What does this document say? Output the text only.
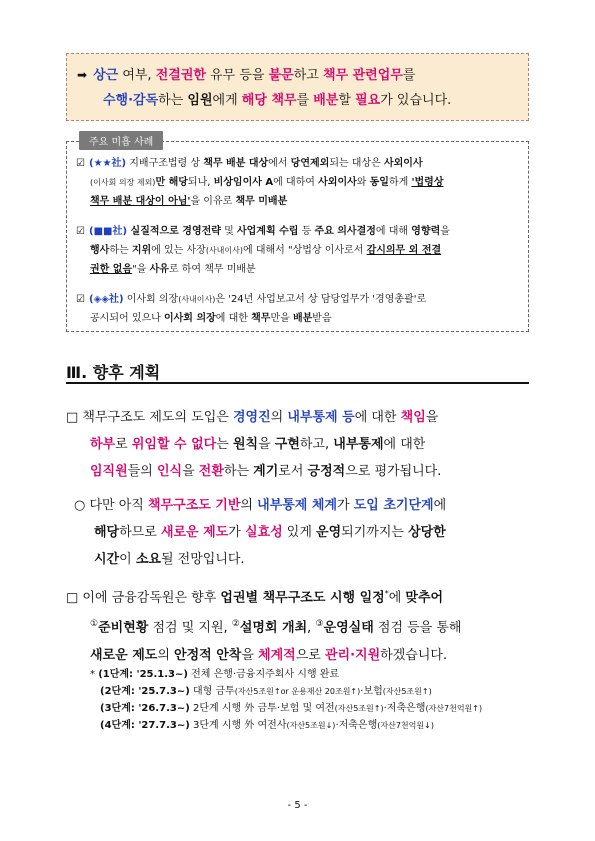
➡ 상근 여부, 전결권한 유무 등을 불문하고 책무 관련업무를
수행·감독하는 임원에게 해당 책무를 배분할 필요가 있습니다.
주요 미흡 사례
☑ (★★社) 지배구조법령 상 책무 배분 대상에서 당연제외되는 대상은 사외이사
(이사회 의장 제외)만 해당되나, 비상임이사 A에 대하여 사외이사와 동일하게 '법령상
책무 배분 대상이 아님'을 이유로 책무 미배분
☑ (■■社) 실질적으로 경영전략 및 사업계획 수립 등 주요 의사결정에 대해 영향력을
행사하는 지위에 있는 사장(사내이사)에 대해서 "상법상 이사로서 감시의무 외 전결
권한 없음"을 사유로 하여 책무 미배분
☑ (◈◈社) 이사회 의장(사내이사)은 '24년 사업보고서 상 담당업무가 '경영총괄'로
공시되어 있으나 이사회 의장에 대한 책무만을 배분받음
Ⅲ. 향후 계획
□ 책무구조도 제도의 도입은 경영진의 내부통제 등에 대한 책임을
하부로 위임할 수 없다는 원칙을 구현하고, 내부통제에 대한
임직원들의 인식을 전환하는 계기로서 긍정적으로 평가됩니다.
○ 다만 아직 책무구조도 기반의 내부통제 체계가 도입 초기단계에
해당하므로 새로운 제도가 실효성 있게 운영되기까지는 상당한
시간이 소요될 전망입니다.
□ 이에 금융감독원은 향후 업권별 책무구조도 시행 일정*에 맞추어
①준비현황 점검 및 지원, ②설명회 개최, ③운영실태 점검 등을 통해
새로운 제도의 안정적 안착을 체계적으로 관리·지원하겠습니다.
* (1단계: '25.1.3~) 전체 은행·금융지주회사 시행 완료
(2단계: '25.7.3~) 대형 금투(자산5조원↑or 운용재산 20조원↑)·보험(자산5조원↑)
(3단계: '26.7.3~) 2단계 시행 外 금투·보험 및 여전(자산5조원↑)·저축은행(자산7천억원↑)
(4단계: '27.7.3~) 3단계 시행 外 여전사(자산5조원↓)·저축은행(자산7천억원↓)
- 5 -
